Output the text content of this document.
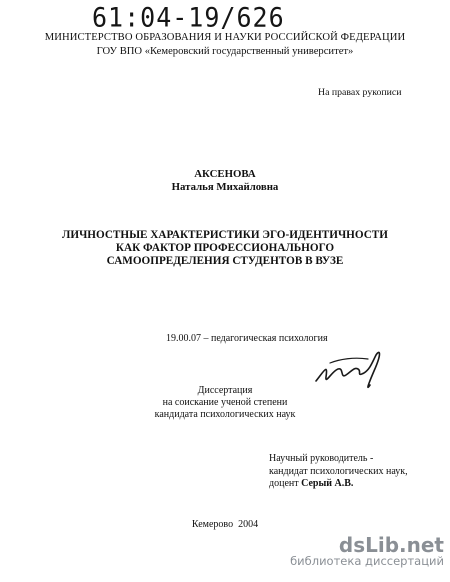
61:04-19/626
МИНИСТЕРСТВО ОБРАЗОВАНИЯ И НАУКИ РОССИЙСКОЙ ФЕДЕРАЦИИ
ГОУ ВПО «Кемеровский государственный университет»
На правах рукописи
АКСЕНОВА
Наталья Михайловна
ЛИЧНОСТНЫЕ ХАРАКТЕРИСТИКИ ЭГО-ИДЕНТИЧНОСТИ
КАК ФАКТОР ПРОФЕССИОНАЛЬНОГО
САМООПРЕДЕЛЕНИЯ СТУДЕНТОВ В ВУЗЕ
19.00.07 – педагогическая психология
Диссертация
на соискание ученой степени
кандидата психологических наук
Научный руководитель -
кандидат психологических наук,
доцент Серый А.В.
Кемерово  2004
dsLib.net
библиотека диссертаций
